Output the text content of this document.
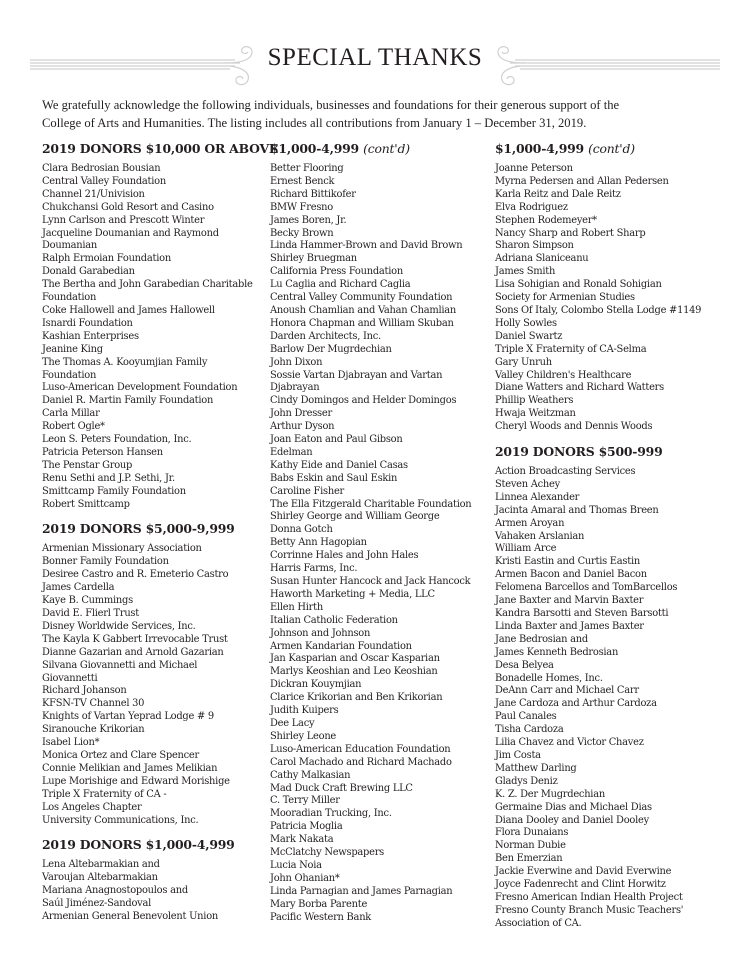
SPECIAL THANKS
We gratefully acknowledge the following individuals, businesses and foundations for their generous support of the
College of Arts and Humanities. The listing includes all contributions from January 1 – December 31, 2019.
2019 DONORS $10,000 OR ABOVE
Clara Bedrosian Bousian
Central Valley Foundation
Channel 21/Univision
Chukchansi Gold Resort and Casino
Lynn Carlson and Prescott Winter
Jacqueline Doumanian and Raymond
Doumanian
Ralph Ermoian Foundation
Donald Garabedian
The Bertha and John Garabedian Charitable
Foundation
Coke Hallowell and James Hallowell
Isnardi Foundation
Kashian Enterprises
Jeanine King
The Thomas A. Kooyumjian Family
Foundation
Luso-American Development Foundation
Daniel R. Martin Family Foundation
Carla Millar
Robert Ogle*
Leon S. Peters Foundation, Inc.
Patricia Peterson Hansen
The Penstar Group
Renu Sethi and J.P. Sethi, Jr.
Smittcamp Family Foundation
Robert Smittcamp
2019 DONORS $5,000-9,999
Armenian Missionary Association
Bonner Family Foundation
Desiree Castro and R. Emeterio Castro
James Cardella
Kaye B. Cummings
David E. Flierl Trust
Disney Worldwide Services, Inc.
The Kayla K Gabbert Irrevocable Trust
Dianne Gazarian and Arnold Gazarian
Silvana Giovannetti and Michael
Giovannetti
Richard Johanson
KFSN-TV Channel 30
Knights of Vartan Yeprad Lodge # 9
Siranouche Krikorian
Isabel Lion*
Monica Ortez and Clare Spencer
Connie Melikian and James Melikian
Lupe Morishige and Edward Morishige
Triple X Fraternity of CA -
Los Angeles Chapter
University Communications, Inc.
2019 DONORS $1,000-4,999
Lena Altebarmakian and
Varoujan Altebarmakian
Mariana Anagnostopoulos and
Saúl Jiménez-Sandoval
Armenian General Benevolent Union
$1,000-4,999 (cont'd)
Better Flooring
Ernest Benck
Richard Bittikofer
BMW Fresno
James Boren, Jr.
Becky Brown
Linda Hammer-Brown and David Brown
Shirley Bruegman
California Press Foundation
Lu Caglia and Richard Caglia
Central Valley Community Foundation
Anoush Chamlian and Vahan Chamlian
Honora Chapman and William Skuban
Darden Architects, Inc.
Barlow Der Mugrdechian
John Dixon
Sossie Vartan Djabrayan and Vartan
Djabrayan
Cindy Domingos and Helder Domingos
John Dresser
Arthur Dyson
Joan Eaton and Paul Gibson
Edelman
Kathy Eide and Daniel Casas
Babs Eskin and Saul Eskin
Caroline Fisher
The Ella Fitzgerald Charitable Foundation
Shirley George and William George
Donna Gotch
Betty Ann Hagopian
Corrinne Hales and John Hales
Harris Farms, Inc.
Susan Hunter Hancock and Jack Hancock
Haworth Marketing + Media, LLC
Ellen Hirth
Italian Catholic Federation
Johnson and Johnson
Armen Kandarian Foundation
Jan Kasparian and Oscar Kasparian
Marlys Keoshian and Leo Keoshian
Dickran Kouymjian
Clarice Krikorian and Ben Krikorian
Judith Kuipers
Dee Lacy
Shirley Leone
Luso-American Education Foundation
Carol Machado and Richard Machado
Cathy Malkasian
Mad Duck Craft Brewing LLC
C. Terry Miller
Mooradian Trucking, Inc.
Patricia Moglia
Mark Nakata
McClatchy Newspapers
Lucia Noia
John Ohanian*
Linda Parnagian and James Parnagian
Mary Borba Parente
Pacific Western Bank
$1,000-4,999 (cont'd)
Joanne Peterson
Myrna Pedersen and Allan Pedersen
Karla Reitz and Dale Reitz
Elva Rodriguez
Stephen Rodemeyer*
Nancy Sharp and Robert Sharp
Sharon Simpson
Adriana Slaniceanu
James Smith
Lisa Sohigian and Ronald Sohigian
Society for Armenian Studies
Sons Of Italy, Colombo Stella Lodge #1149
Holly Sowles
Daniel Swartz
Triple X Fraternity of CA-Selma
Gary Unruh
Valley Children's Healthcare
Diane Watters and Richard Watters
Phillip Weathers
Hwaja Weitzman
Cheryl Woods and Dennis Woods
2019 DONORS $500-999
Action Broadcasting Services
Steven Achey
Linnea Alexander
Jacinta Amaral and Thomas Breen
Armen Aroyan
Vahaken Arslanian
William Arce
Kristi Eastin and Curtis Eastin
Armen Bacon and Daniel Bacon
Felomena Barcellos and TomBarcellos
Jane Baxter and Marvin Baxter
Kandra Barsotti and Steven Barsotti
Linda Baxter and James Baxter
Jane Bedrosian and
James Kenneth Bedrosian
Desa Belyea
Bonadelle Homes, Inc.
DeAnn Carr and Michael Carr
Jane Cardoza and Arthur Cardoza
Paul Canales
Tisha Cardoza
Lilia Chavez and Victor Chavez
Jim Costa
Matthew Darling
Gladys Deniz
K. Z. Der Mugrdechian
Germaine Dias and Michael Dias
Diana Dooley and Daniel Dooley
Flora Dunaians
Norman Dubie
Ben Emerzian
Jackie Everwine and David Everwine
Joyce Fadenrecht and Clint Horwitz
Fresno American Indian Health Project
Fresno County Branch Music Teachers'
Association of CA.
